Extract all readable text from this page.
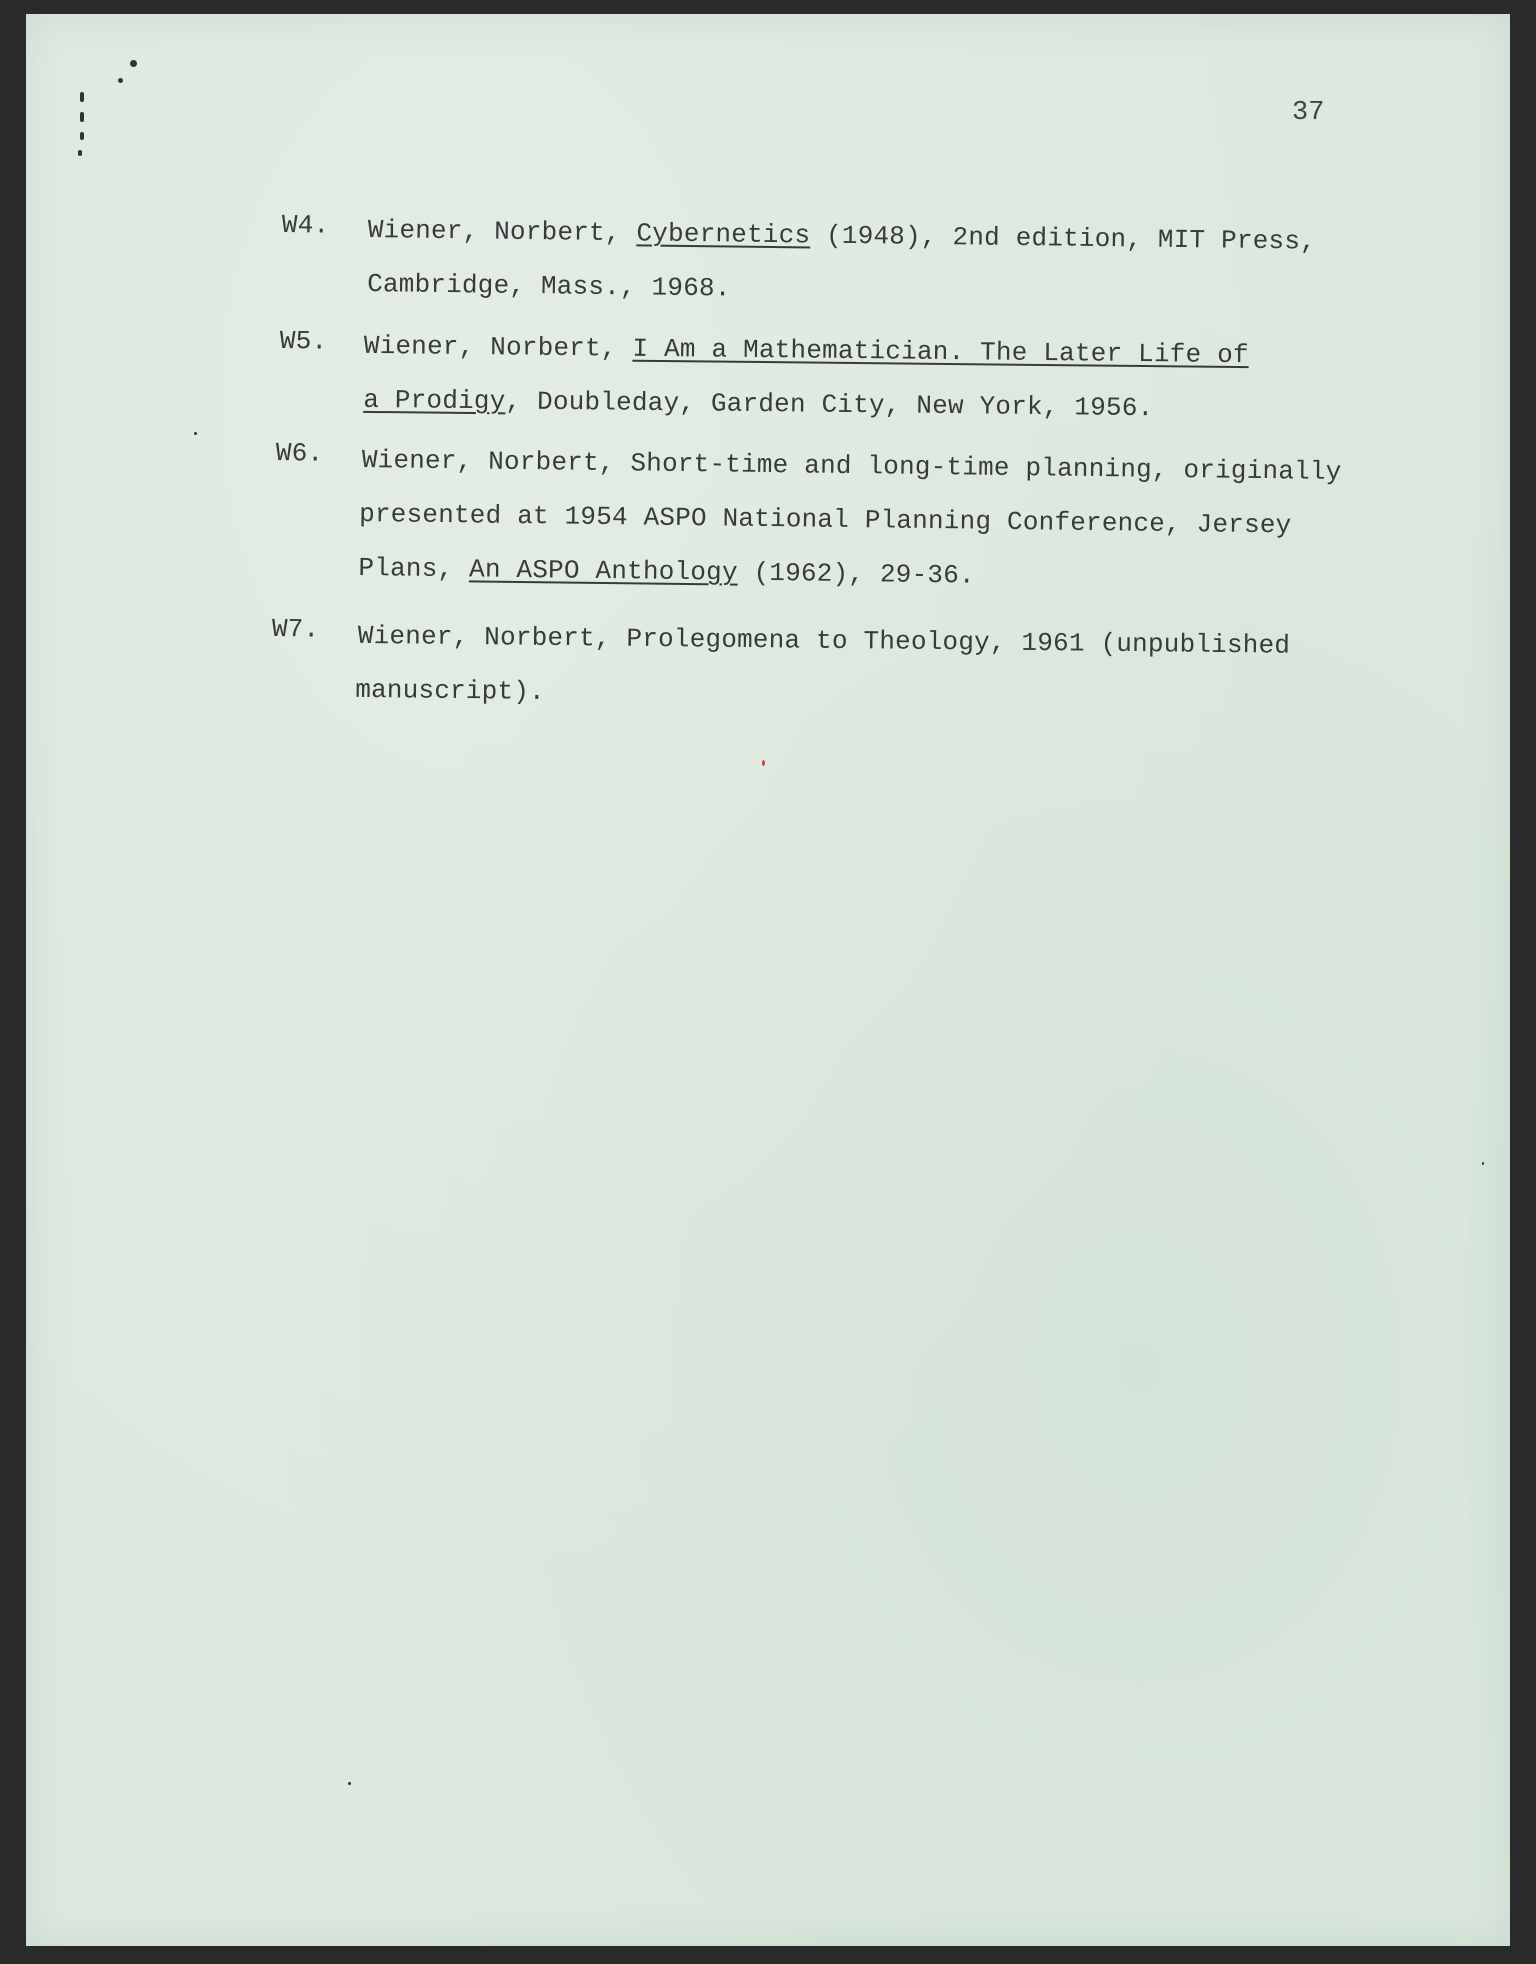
37
W4. Wiener, Norbert, Cybernetics (1948), 2nd edition, MIT Press,
Cambridge, Mass., 1968.
W5. Wiener, Norbert, I Am a Mathematician. The Later Life of
a Prodigy, Doubleday, Garden City, New York, 1956.
W6. Wiener, Norbert, Short-time and long-time planning, originally
presented at 1954 ASPO National Planning Conference, Jersey
Plans, An ASPO Anthology (1962), 29-36.
W7. Wiener, Norbert, Prolegomena to Theology, 1961 (unpublished
manuscript).
